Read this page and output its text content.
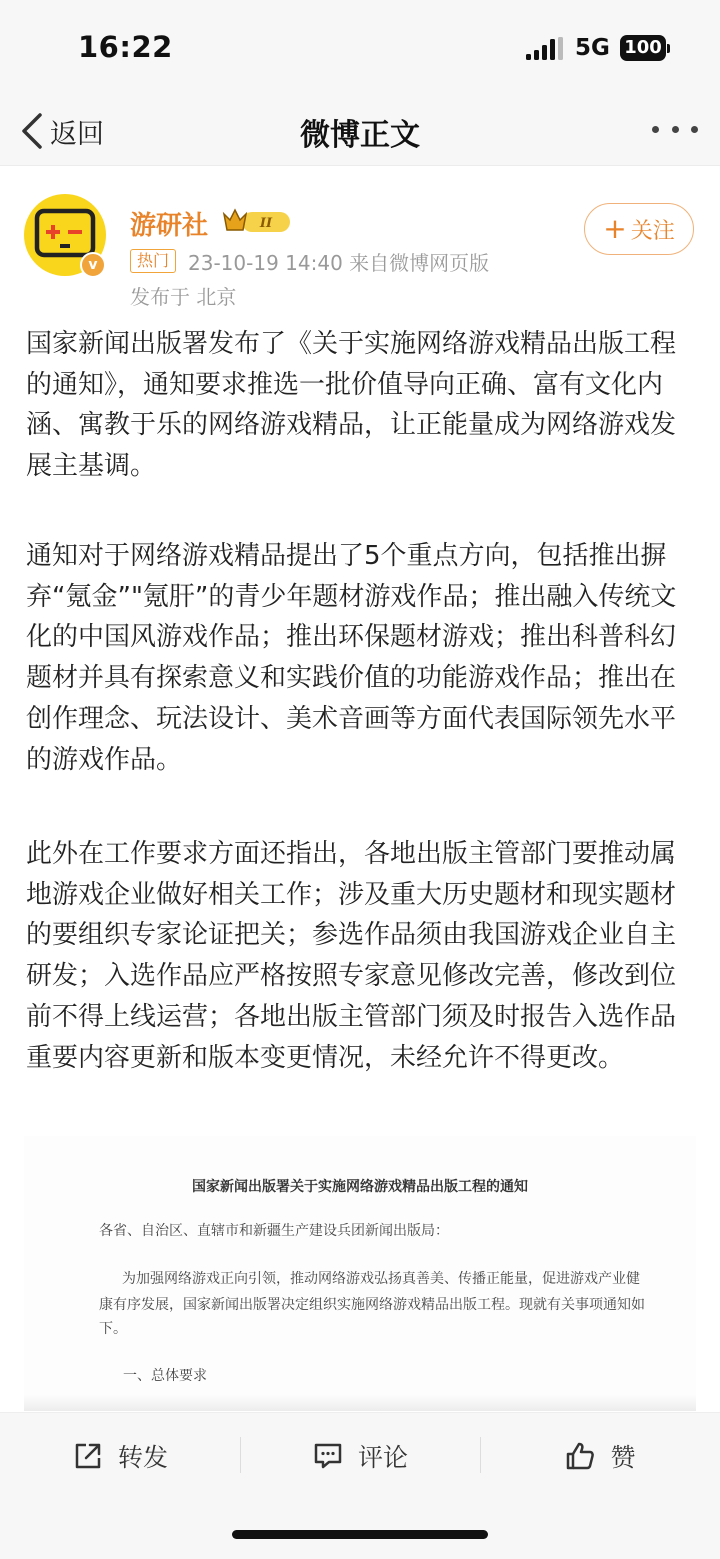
16:22	5G 100
返回	微博正文
v
游研社	II
热门 23-10-19 14:40 来自微博网页版
发布于 北京
+ 关注
国家新闻出版署发布了《关于实施网络游戏精品出版工程的通知》，通知要求推选一批价值导向正确、富有文化内涵、寓教于乐的网络游戏精品，让正能量成为网络游戏发展主基调。
通知对于网络游戏精品提出了5个重点方向，包括推出摒弃“氪金”"氪肝”的青少年题材游戏作品；推出融入传统文化的中国风游戏作品；推出环保题材游戏；推出科普科幻题材并具有探索意义和实践价值的功能游戏作品；推出在创作理念、玩法设计、美术音画等方面代表国际领先水平的游戏作品。
此外在工作要求方面还指出，各地出版主管部门要推动属地游戏企业做好相关工作；涉及重大历史题材和现实题材的要组织专家论证把关；参选作品须由我国游戏企业自主研发；入选作品应严格按照专家意见修改完善，修改到位前不得上线运营；各地出版主管部门须及时报告入选作品重要内容更新和版本变更情况，未经允许不得更改。
国家新闻出版署关于实施网络游戏精品出版工程的通知
各省、自治区、直辖市和新疆生产建设兵团新闻出版局：
为加强网络游戏正向引领，推动网络游戏弘扬真善美、传播正能量，促进游戏产业健
康有序发展，国家新闻出版署决定组织实施网络游戏精品出版工程。现就有关事项通知如
下。
一、总体要求
转发	评论	赞
